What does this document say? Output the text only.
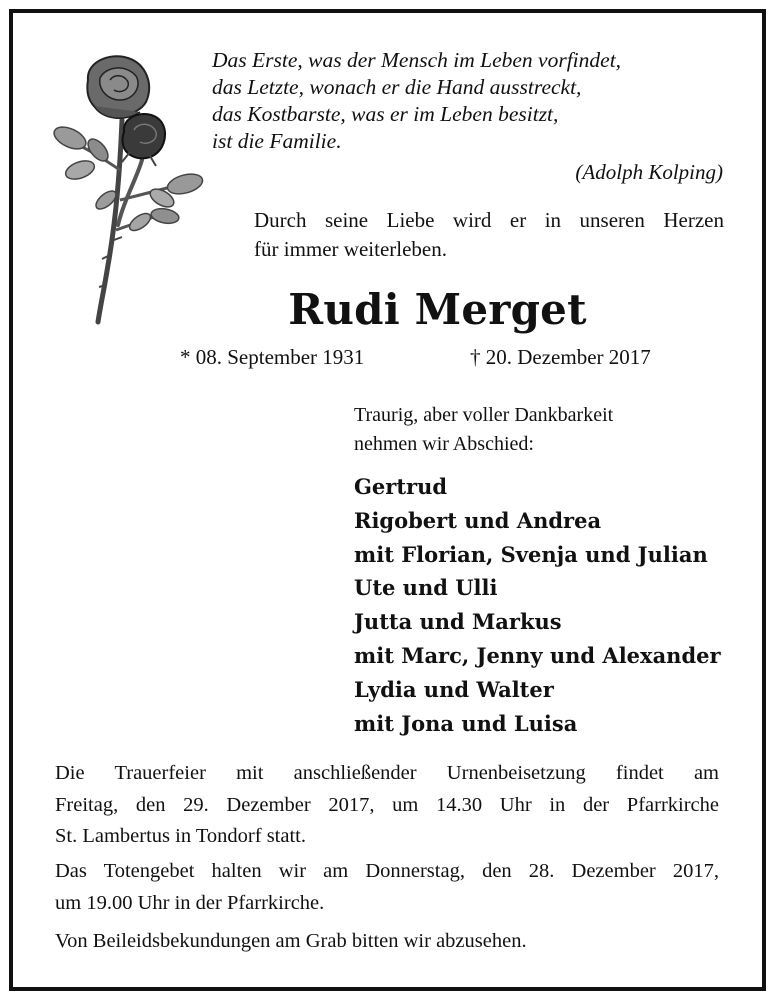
Das Erste, was der Mensch im Leben vorfindet,
das Letzte, wonach er die Hand ausstreckt,
das Kostbarste, was er im Leben besitzt,
ist die Familie.
(Adolph Kolping)
Durch seine Liebe wird er in unseren Herzen
für immer weiterleben.
Rudi Merget
* 08. September 1931	† 20. Dezember 2017
Traurig, aber voller Dankbarkeit
nehmen wir Abschied:
Gertrud
Rigobert und Andrea
mit Florian, Svenja und Julian
Ute und Ulli
Jutta und Markus
mit Marc, Jenny und Alexander
Lydia und Walter
mit Jona und Luisa
Die Trauerfeier mit anschließender Urnenbeisetzung findet am
Freitag, den 29. Dezember 2017, um 14.30 Uhr in der Pfarrkirche
St. Lambertus in Tondorf statt.
Das Totengebet halten wir am Donnerstag, den 28. Dezember 2017,
um 19.00 Uhr in der Pfarrkirche.
Von Beileidsbekundungen am Grab bitten wir abzusehen.
